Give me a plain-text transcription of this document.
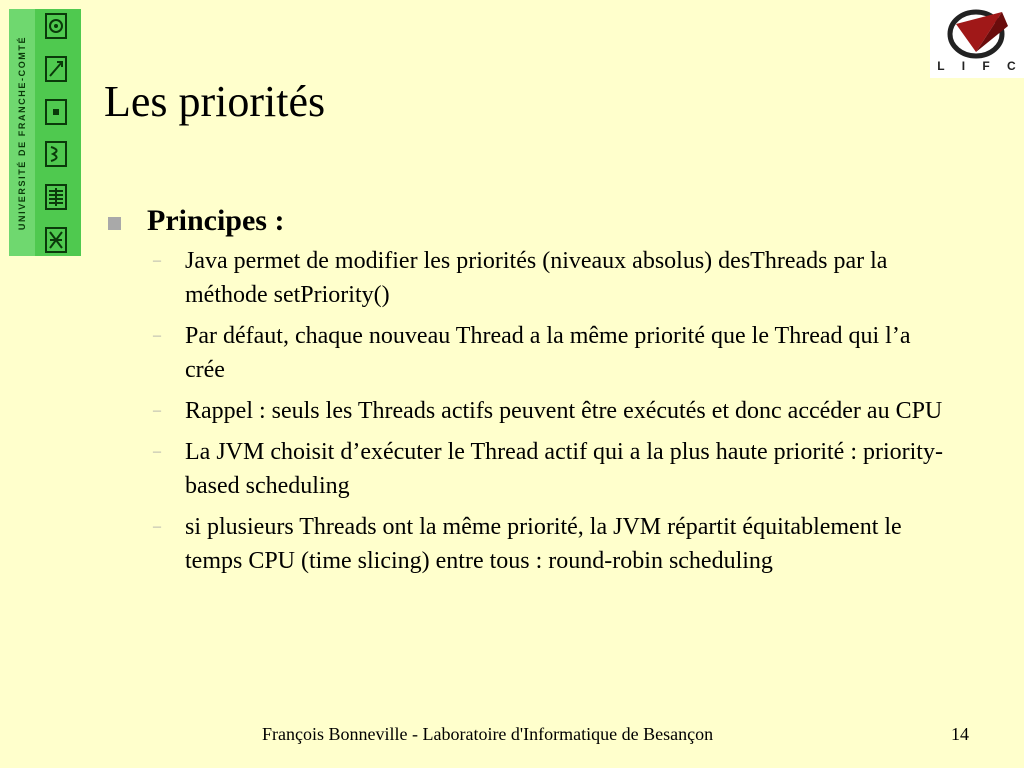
UNIVERSITÉ DE FRANCHE-COMTÉ	L I F C
Les priorités
Principes :
–	Java permet de modifier les priorités (niveaux absolus) desThreads par la méthode setPriority()
–	Par défaut, chaque nouveau Thread a la même priorité que le Thread qui l’a crée
–	Rappel : seuls les Threads actifs peuvent être exécutés et donc accéder au CPU
–	La JVM choisit d’exécuter le Thread actif qui a la plus haute priorité : priority-based scheduling
–	si plusieurs Threads ont la même priorité, la JVM répartit équitablement le temps CPU (time slicing) entre tous : round-robin scheduling
François Bonneville - Laboratoire d'Informatique de Besançon	14
